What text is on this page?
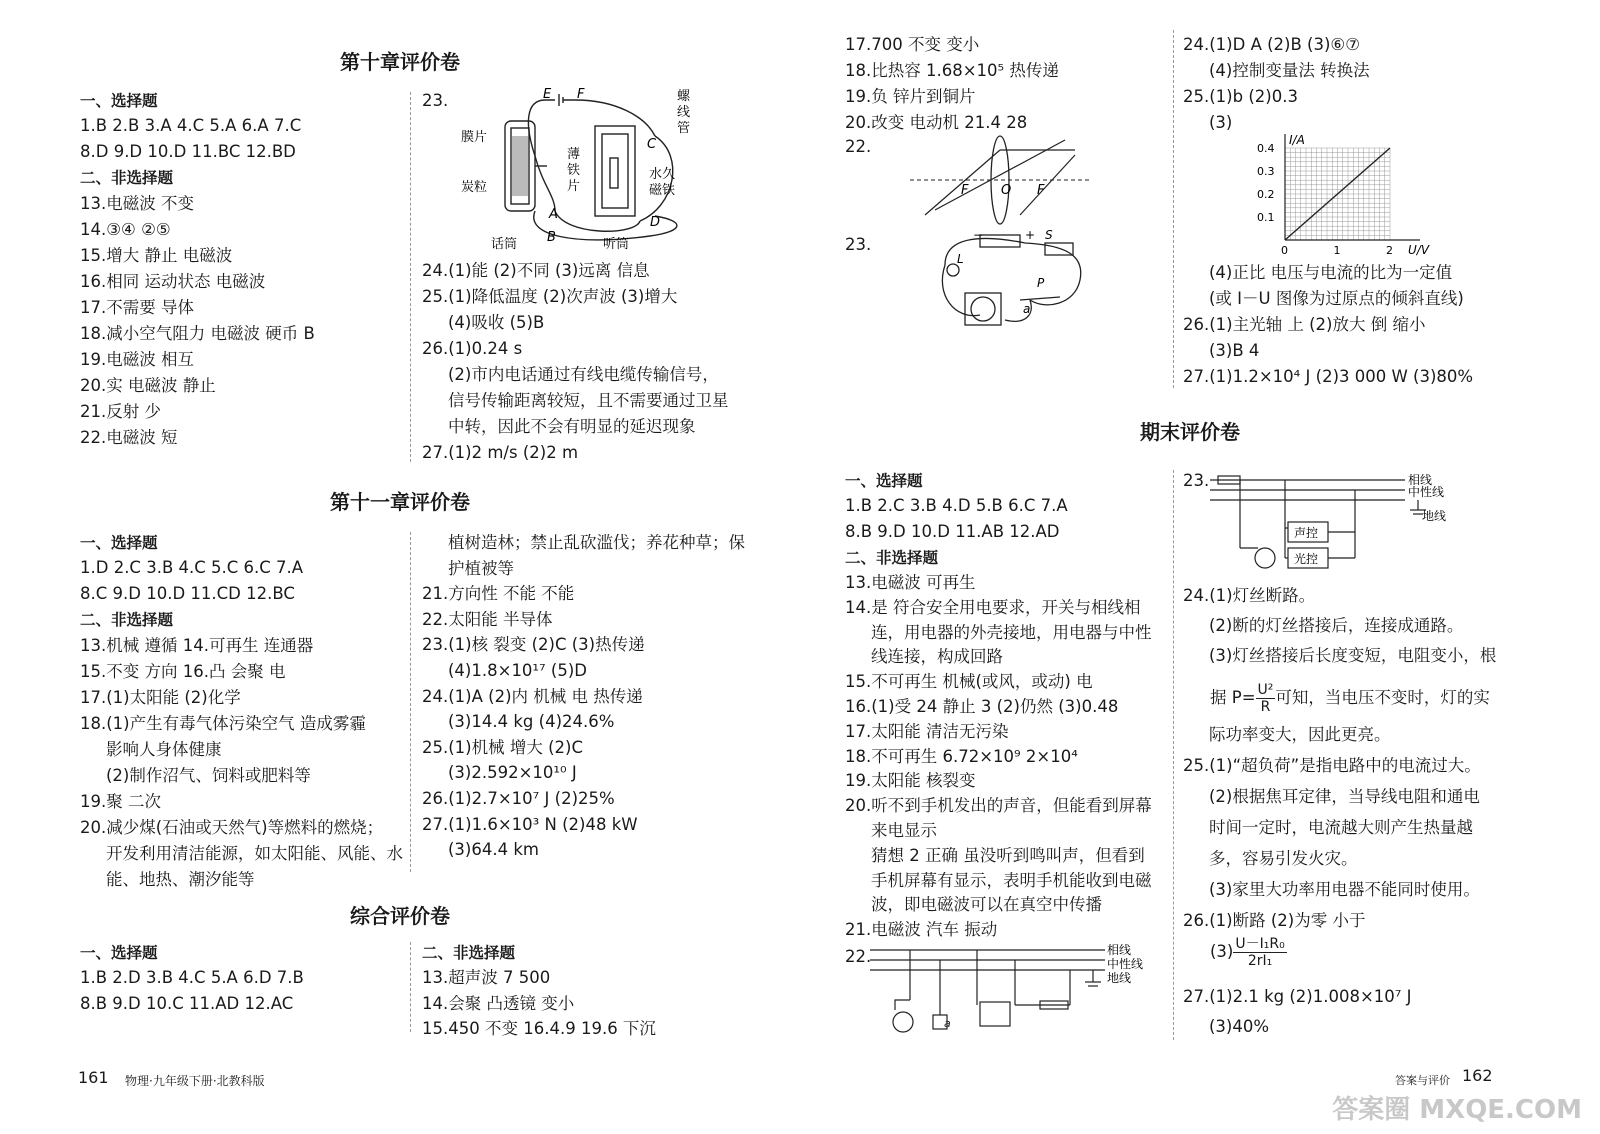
第十章评价卷
一、选择题
1.B 2.B 3.A 4.C 5.A 6.A 7.C
8.D 9.D 10.D 11.BC 12.BD
二、非选择题
13.电磁波 不变
14.③④ ②⑤
15.增大 静止 电磁波
16.相同 运动状态 电磁波
17.不需要 导体
18.减小空气阻力 电磁波 硬币 B
19.电磁波 相互
20.实 电磁波 静止
21.反射 少
22.电磁波 短
23.	E F	螺
线
管
膜片
炭粒
薄
铁
片
C
水久
磁铁
A
D
B
话筒	听筒
24.(1)能 (2)不同 (3)远离 信息
25.(1)降低温度 (2)次声波 (3)增大
(4)吸收 (5)B
26.(1)0.24 s
(2)市内电话通过有线电缆传输信号，
信号传输距离较短，且不需要通过卫星
中转，因此不会有明显的延迟现象
27.(1)2 m/s (2)2 m
第十一章评价卷
一、选择题
1.D 2.C 3.B 4.C 5.C 6.C 7.A
8.C 9.D 10.D 11.CD 12.BC
二、非选择题
13.机械 遵循 14.可再生 连通器
15.不变 方向 16.凸 会聚 电
17.(1)太阳能 (2)化学
18.(1)产生有毒气体污染空气 造成雾霾
影响人身体健康
(2)制作沼气、饲料或肥料等
19.聚 二次
20.减少煤(石油或天然气)等燃料的燃烧；
开发利用清洁能源，如太阳能、风能、水
能、地热、潮汐能等
植树造林；禁止乱砍滥伐；养花种草；保
护植被等
21.方向性 不能 不能
22.太阳能 半导体
23.(1)核 裂变 (2)C (3)热传递
(4)1.8×10¹⁷ (5)D
24.(1)A (2)内 机械 电 热传递
(3)14.4 kg (4)24.6%
25.(1)机械 增大 (2)C
(3)2.592×10¹⁰ J
26.(1)2.7×10⁷ J (2)25%
27.(1)1.6×10³ N (2)48 kW
(3)64.4 km
综合评价卷
一、选择题
1.B 2.D 3.B 4.C 5.A 6.D 7.B
8.B 9.D 10.C 11.AD 12.AC
二、非选择题
13.超声波 7 500
14.会聚 凸透镜 变小
15.450 不变 16.4.9 19.6 下沉
161 物理·九年级下册·北教科版
17.700 不变 变小
18.比热容 1.68×10⁵ 热传递
19.负 锌片到铜片
20.改变 电动机 21.4 28
22.
F	O F
23.	−	+ S
L
P
a
24.(1)D A (2)B (3)⑥⑦
(4)控制变量法 转换法
25.(1)b (2)0.3
(3)
I/A
U/V
0.4
0.3
0.2
0.1
0	1	2
(4)正比 电压与电流的比为一定值
(或 I－U 图像为过原点的倾斜直线)
26.(1)主光轴 上 (2)放大 倒 缩小
(3)B 4
27.(1)1.2×10⁴ J (2)3 000 W (3)80%
期末评价卷
一、选择题
1.B 2.C 3.B 4.D 5.B 6.C 7.A
8.B 9.D 10.D 11.AB 12.AD
二、非选择题
13.电磁波 可再生
14.是 符合安全用电要求，开关与相线相
连，用电器的外壳接地，用电器与中性
线连接，构成回路
15.不可再生 机械(或风，或动) 电
16.(1)受 24 静止 3 (2)仍然 (3)0.48
17.太阳能 清洁无污染
18.不可再生 6.72×10⁹ 2×10⁴
19.太阳能 核裂变
20.听不到手机发出的声音，但能看到屏幕
来电显示
猜想 2 正确 虽没听到鸣叫声，但看到
手机屏幕有显示，表明手机能收到电磁
波，即电磁波可以在真空中传播
21.电磁波 汽车 振动
22.
a
相线
中性线
地线
23.	相线
中性线
地线
声控
光控
24.(1)灯丝断路。
(2)断的灯丝搭接后，连接成通路。
(3)灯丝搭接后长度变短，电阻变小，根
据 $P= \frac{\text{U²}}{R}$ 可知，当电压不变时，灯的实
际功率变大，因此更亮。
25.(1)“超负荷”是指电路中的电流过大。
(2)根据焦耳定律，当导线电阻和通电
时间一定时，电流越大则产生热量越
多，容易引发火灾。
(3)家里大功率用电器不能同时使用。
26.(1)断路 (2)为零 小于
$(3) \frac{\text{U－I₁R₀}}{\text{2rI₁}}$
27.(1)2.1 kg (2)1.008×10⁷ J
(3)40%
答案与评价 162
答案圈 MXQE.COM
